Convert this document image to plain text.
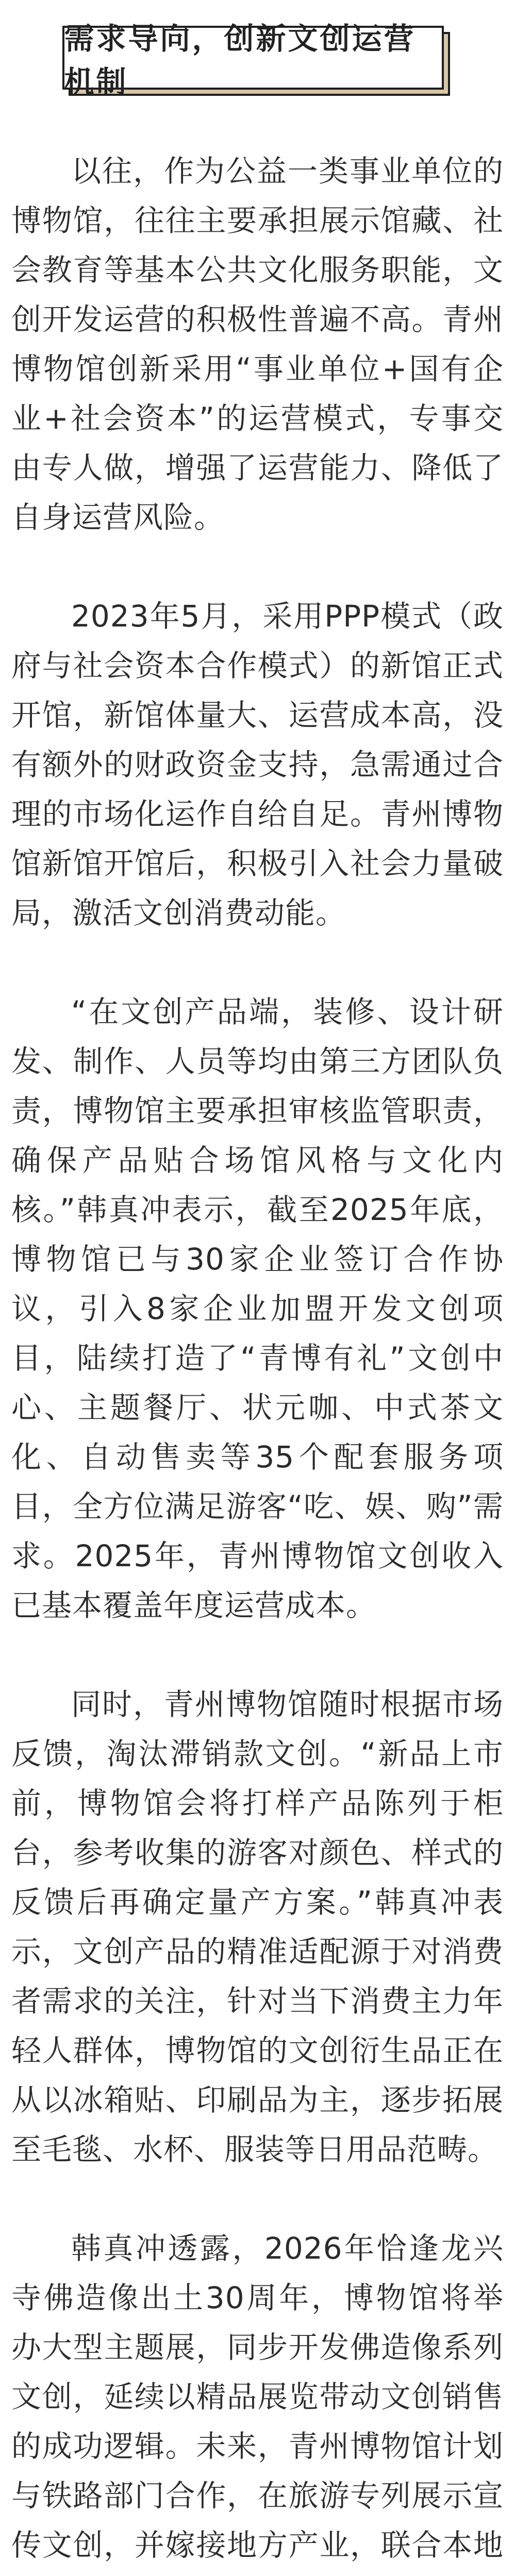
需求导向，创新文创运营机制

以往，作为公益一类事业单位的博物馆，往往主要承担展示馆藏、社会教育等基本公共文化服务职能，文创开发运营的积极性普遍不高。青州博物馆创新采用“事业单位+国有企业+社会资本”的运营模式，专事交由专人做，增强了运营能力、降低了自身运营风险。

2023年5月，采用PPP模式（政府与社会资本合作模式）的新馆正式开馆，新馆体量大、运营成本高，没有额外的财政资金支持，急需通过合理的市场化运作自给自足。青州博物馆新馆开馆后，积极引入社会力量破局，激活文创消费动能。

“在文创产品端，装修、设计研发、制作、人员等均由第三方团队负责，博物馆主要承担审核监管职责，确保产品贴合场馆风格与文化内核。”韩真冲表示，截至2025年底，博物馆已与30家企业签订合作协议，引入8家企业加盟开发文创项目，陆续打造了“青博有礼”文创中心、主题餐厅、状元咖、中式茶文化、自动售卖等35个配套服务项目，全方位满足游客“吃、娱、购”需求。2025年，青州博物馆文创收入已基本覆盖年度运营成本。

同时，青州博物馆随时根据市场反馈，淘汰滞销款文创。“新品上市前，博物馆会将打样产品陈列于柜台，参考收集的游客对颜色、样式的反馈后再确定量产方案。”韩真冲表示，文创产品的精准适配源于对消费者需求的关注，针对当下消费主力年轻人群体，博物馆的文创衍生品正在从以冰箱贴、印刷品为主，逐步拓展至毛毯、水杯、服装等日用品范畴。

韩真冲透露，2026年恰逢龙兴寺佛造像出土30周年，博物馆将举办大型主题展，同步开发佛造像系列文创，延续以精品展览带动文创销售的成功逻辑。未来，青州博物馆计划与铁路部门合作，在旅游专列展示宣传文创，并嫁接地方产业，联合本地
